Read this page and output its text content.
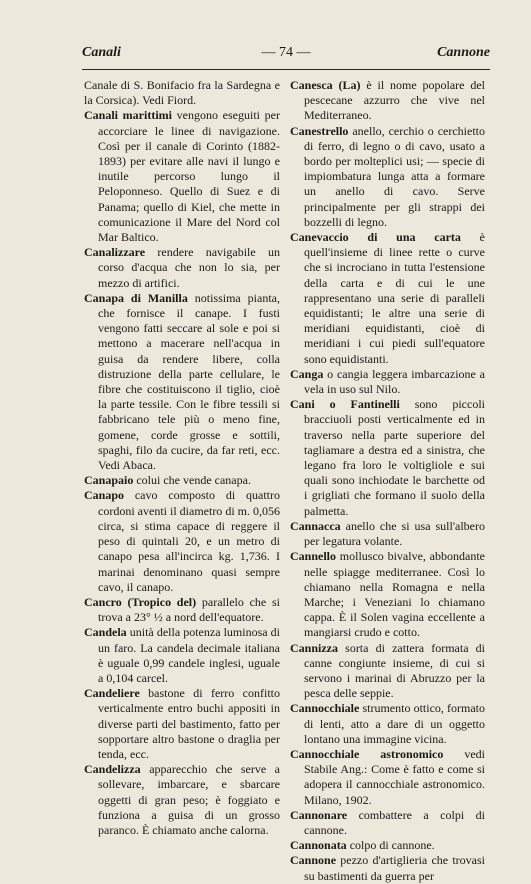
Canali	— 74 —	Cannone

Canale di S. Bonifacio fra la Sardegna e la Corsica). Vedi Fiord.

Canali marittimi vengono eseguiti per accorciare le linee di navigazione. Così per il canale di Corinto (1882-1893) per evitare alle navi il lungo e inutile percorso lungo il Peloponneso. Quello di Suez e di Panama; quello di Kiel, che mette in comunicazione il Mare del Nord col Mar Baltico.

Canalizzare rendere navigabile un corso d'acqua che non lo sia, per mezzo di artifici.

Canapa di Manilla notissima pianta, che fornisce il canape. I fusti vengono fatti seccare al sole e poi si mettono a macerare nell'acqua in guisa da rendere libere, colla distruzione della parte cellulare, le fibre che costituiscono il tiglio, cioè la parte tessile. Con le fibre tessili si fabbricano tele più o meno fine, gomene, corde grosse e sottili, spaghi, filo da cucire, da far reti, ecc. Vedi Abaca.

Canapaio colui che vende canapa.

Canapo cavo composto di quattro cordoni aventi il diametro di m. 0,056 circa, si stima capace di reggere il peso di quintali 20, e un metro di canapo pesa all'incirca kg. 1,736. I marinai denominano quasi sempre cavo, il canapo.

Cancro (Tropico del) parallelo che si trova a 23° ½ a nord dell'equatore.

Candela unità della potenza luminosa di un faro. La candela decimale italiana è uguale 0,99 candele inglesi, uguale a 0,104 carcel.

Candeliere bastone di ferro confitto verticalmente entro buchi appositi in diverse parti del bastimento, fatto per sopportare altro bastone o draglia per tenda, ecc.

Candelizza apparecchio che serve a sollevare, imbarcare, e sbarcare oggetti di gran peso; è foggiato e funziona a guisa di un grosso paranco. È chiamato anche calorna.

Canesca (La) è il nome popolare del pescecane azzurro che vive nel Mediterraneo.

Canestrello anello, cerchio o cerchietto di ferro, di legno o di cavo, usato a bordo per molteplici usi; — specie di impiombatura lunga atta a formare un anello di cavo. Serve principalmente per gli strappi dei bozzelli di legno.

Canevaccio di una carta è quell'insieme di linee rette o curve che si incrociano in tutta l'estensione della carta e di cui le une rappresentano una serie di paralleli equidistanti; le altre una serie di meridiani equidistanti, cioè di meridiani i cui piedi sull'equatore sono equidistanti.

Canga o cangia leggera imbarcazione a vela in uso sul Nilo.

Cani o Fantinelli sono piccoli bracciuoli posti verticalmente ed in traverso nella parte superiore del tagliamare a destra ed a sinistra, che legano fra loro le voltigliole e sui quali sono inchiodate le barchette od i grigliati che formano il suolo della palmetta.

Cannacca anello che si usa sull'albero per legatura volante.

Cannello mollusco bivalve, abbondante nelle spiagge mediterranee. Così lo chiamano nella Romagna e nella Marche; i Veneziani lo chiamano cappa. È il Solen vagina eccellente a mangiarsi crudo e cotto.

Cannizza sorta di zattera formata di canne congiunte insieme, di cui si servono i marinai di Abruzzo per la pesca delle seppie.

Cannocchiale strumento ottico, formato di lenti, atto a dare di un oggetto lontano una immagine vicina.

Cannocchiale astronomico vedi Stabile Ang.: Come è fatto e come si adopera il cannocchiale astronomico. Milano, 1902.

Cannonare combattere a colpi di cannone.

Cannonata colpo di cannone.

Cannone pezzo d'artiglieria che trovasi su bastimenti da guerra per
